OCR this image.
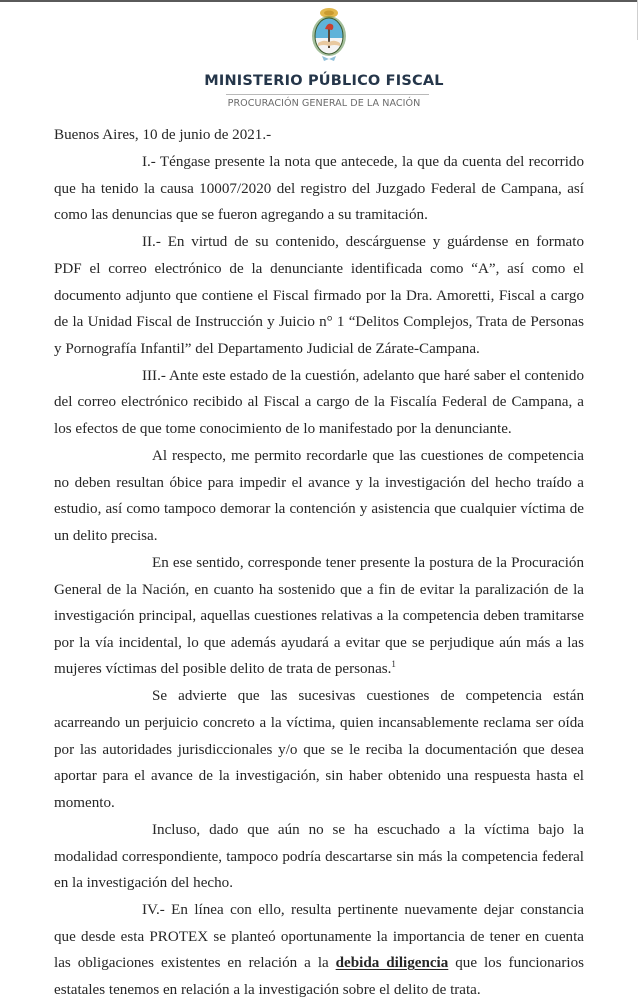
MINISTERIO PÚBLICO FISCAL
PROCURACIÓN GENERAL DE LA NACIÓN

Buenos Aires, 10 de junio de 2021.-

I.- Téngase presente la nota que antecede, la que da cuenta del recorrido que ha tenido la causa 10007/2020 del registro del Juzgado Federal de Campana, así como las denuncias que se fueron agregando a su tramitación.

II.- En virtud de su contenido, descárguense y guárdense en formato PDF el correo electrónico de la denunciante identificada como “A”, así como el documento adjunto que contiene el Fiscal firmado por la Dra. Amoretti, Fiscal a cargo de la Unidad Fiscal de Instrucción y Juicio n° 1 “Delitos Complejos, Trata de Personas y Pornografía Infantil” del Departamento Judicial de Zárate-Campana.

III.- Ante este estado de la cuestión, adelanto que haré saber el contenido del correo electrónico recibido al Fiscal a cargo de la Fiscalía Federal de Campana, a los efectos de que tome conocimiento de lo manifestado por la denunciante.

Al respecto, me permito recordarle que las cuestiones de competencia no deben resultan óbice para impedir el avance y la investigación del hecho traído a estudio, así como tampoco demorar la contención y asistencia que cualquier víctima de un delito precisa.

En ese sentido, corresponde tener presente la postura de la Procuración General de la Nación, en cuanto ha sostenido que a fin de evitar la paralización de la investigación principal, aquellas cuestiones relativas a la competencia deben tramitarse por la vía incidental, lo que además ayudará a evitar que se perjudique aún más a las mujeres víctimas del posible delito de trata de personas.$^1$

Se advierte que las sucesivas cuestiones de competencia están acarreando un perjuicio concreto a la víctima, quien incansablemente reclama ser oída por las autoridades jurisdiccionales y/o que se le reciba la documentación que desea aportar para el avance de la investigación, sin haber obtenido una respuesta hasta el momento.

Incluso, dado que aún no se ha escuchado a la víctima bajo la modalidad correspondiente, tampoco podría descartarse sin más la competencia federal en la investigación del hecho.

IV.- En línea con ello, resulta pertinente nuevamente dejar constancia que desde esta PROTEX se planteó oportunamente la importancia de tener en cuenta las obligaciones existentes en relación a la debida diligencia que los funcionarios estatales tenemos en relación a la investigación sobre el delito de trata.
